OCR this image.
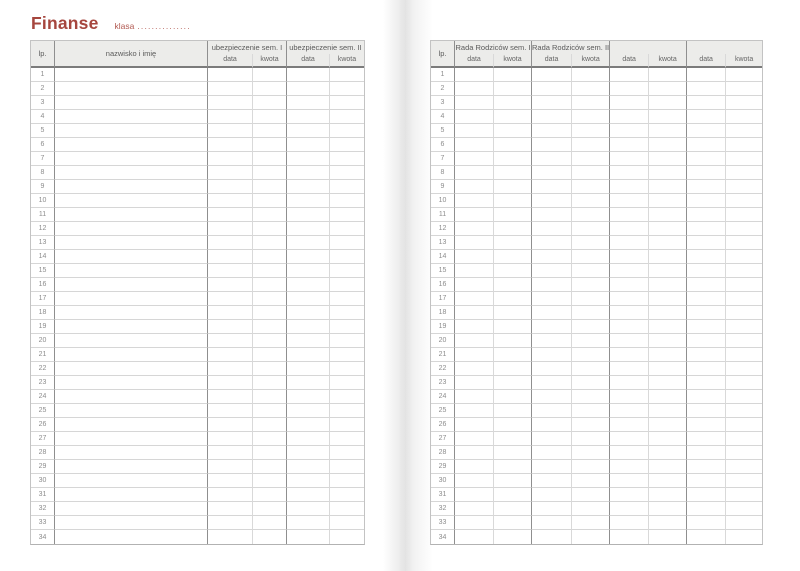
Finanse klasa ...............
lp.	nazwisko i imię	ubezpieczenie sem. I		ubezpieczenie sem. II	
		data	kwota	data	kwota
1					
2					
3					
4					
5					
6					
7					
8					
9					
10					
11					
12					
13					
14					
15					
16					
17					
18					
19					
20					
21					
22					
23					
24					
25					
26					
27					
28					
29					
30					
31					
32					
33					
34					
lp.	Rada Rodziców sem. I		Rada Rodziców sem. II					
	data	kwota	data	kwota	data	kwota	data	kwota
1								
2								
3								
4								
5								
6								
7								
8								
9								
10								
11								
12								
13								
14								
15								
16								
17								
18								
19								
20								
21								
22								
23								
24								
25								
26								
27								
28								
29								
30								
31								
32								
33								
34								
